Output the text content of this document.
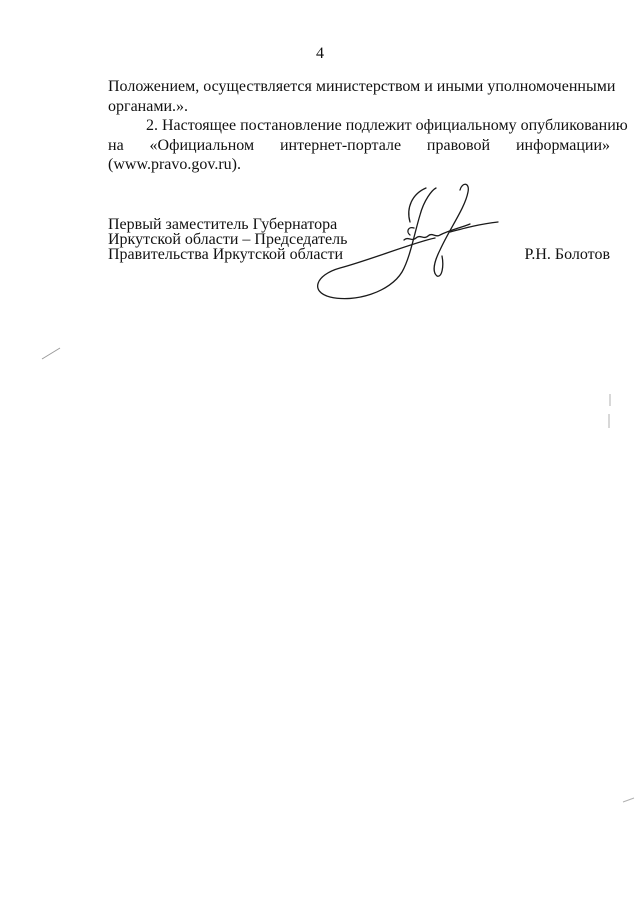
4
Положением, осуществляется министерством и иными уполномоченными
органами.».
2. Настоящее постановление подлежит официальному опубликованию
на «Официальном интернет-портале правовой информации»
(www.pravo.gov.ru).
Первый заместитель Губернатора
Иркутской области – Председатель
Правительства Иркутской области	Р.Н. Болотов
